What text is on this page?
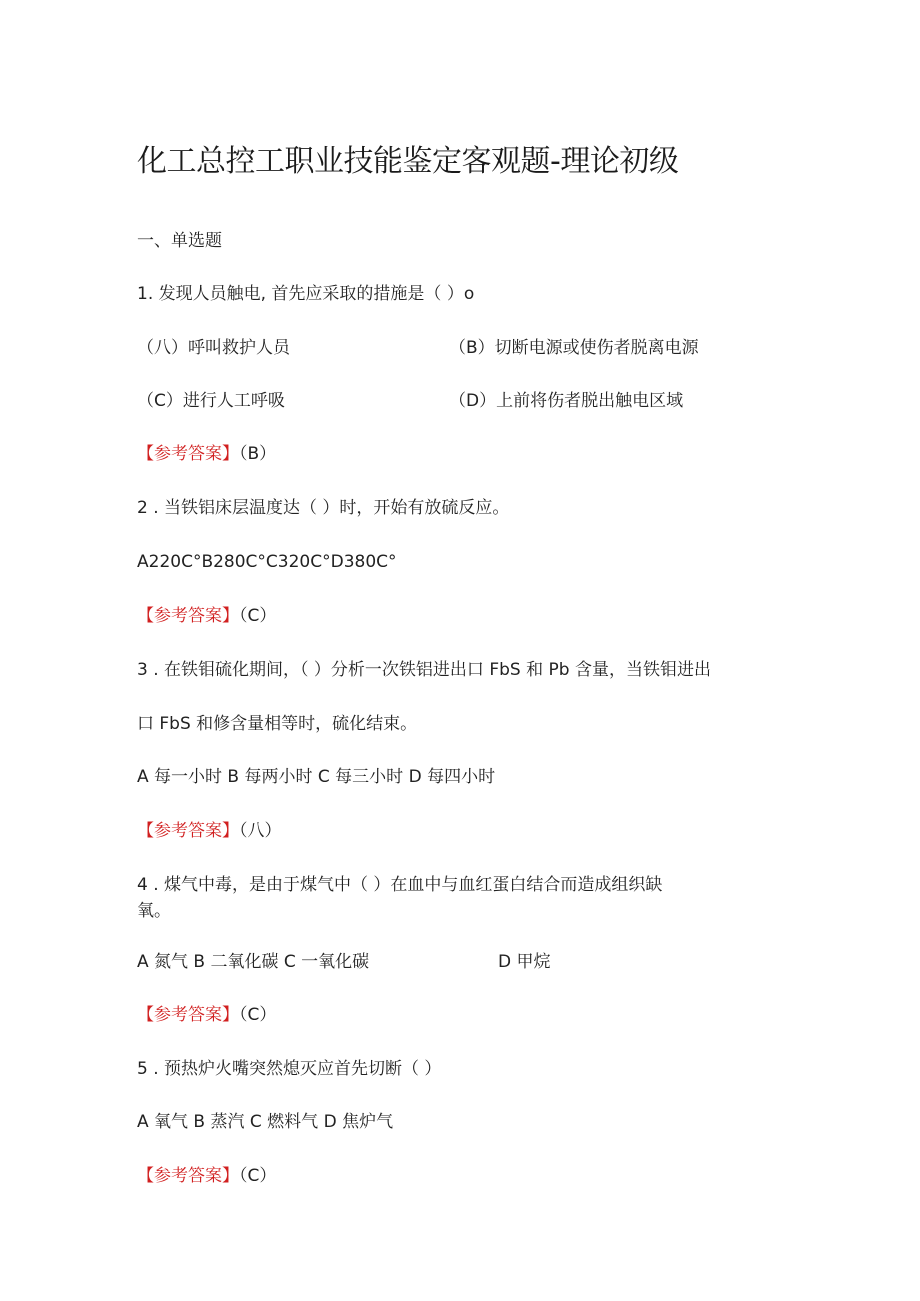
化工总控工职业技能鉴定客观题-理论初级
一、单选题
1. 发现人员触电, 首先应采取的措施是（ ）o
（八）呼叫救护人员	（B）切断电源或使伤者脱离电源
（C）进行人工呼吸	（D）上前将伤者脱出触电区域
【参考答案】（B）
2 . 当铁铝床层温度达（ ）时，开始有放硫反应。
A220C°B280C°C320C°D380C°
【参考答案】（C）
3 . 在铁钼硫化期间，（ ）分析一次铁铝进出口 FbS 和 Pb 含量，当铁钼进出
口 FbS 和修含量相等时，硫化结束。
A 每一小时 B 每两小时 C 每三小时 D 每四小时
【参考答案】（八）
4 . 煤气中毒，是由于煤气中（ ）在血中与血红蛋白结合而造成组织缺
氧。
A 氮气 B 二氧化碳 C 一氧化碳	D 甲烷
【参考答案】（C）
5 . 预热炉火嘴突然熄灭应首先切断（ ）
A 氧气 B 蒸汽 C 燃料气 D 焦炉气
【参考答案】（C）
